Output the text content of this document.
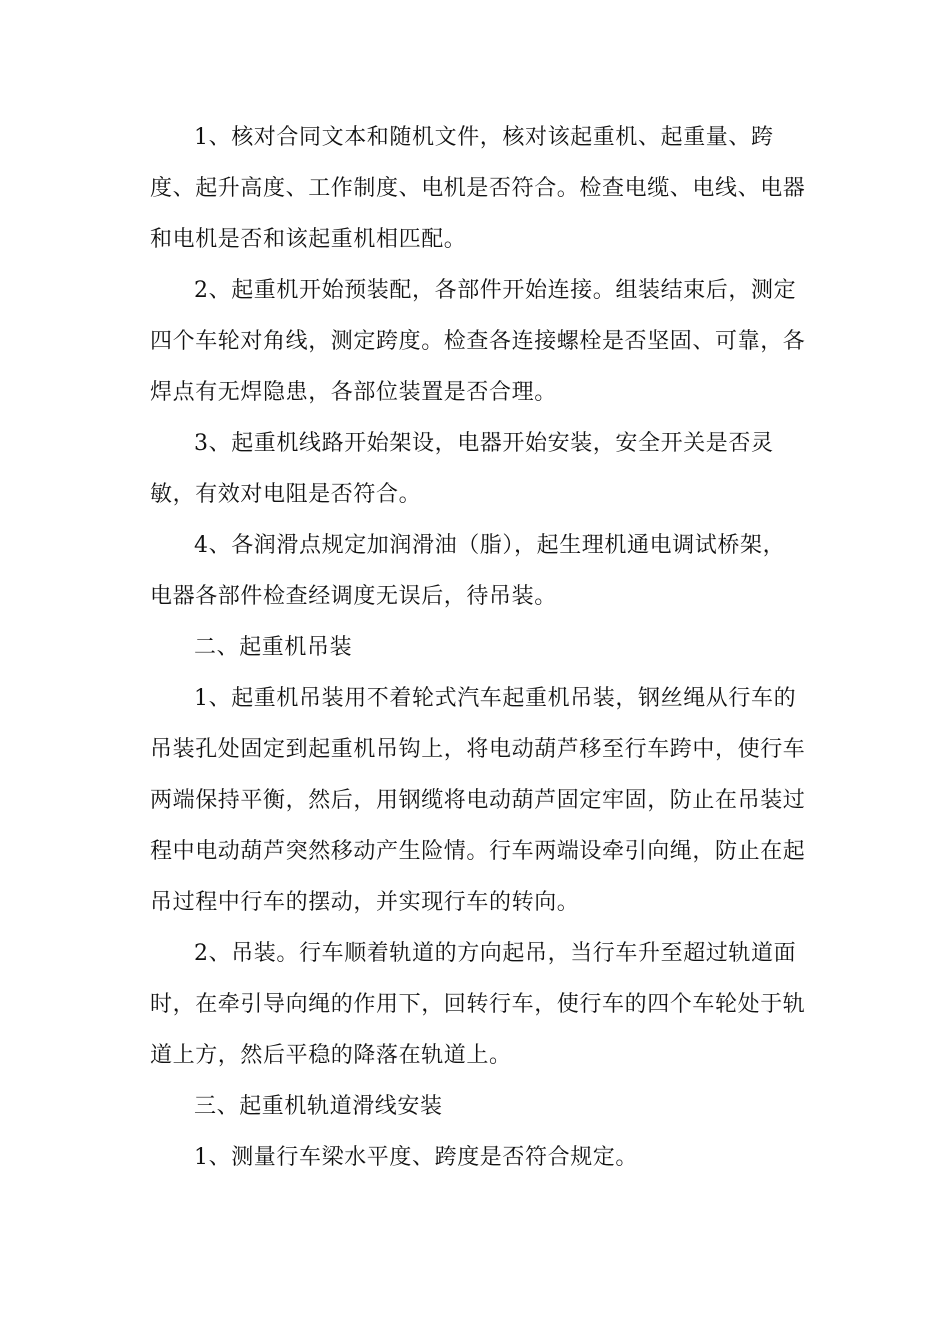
1、核对合同文本和随机文件，核对该起重机、起重量、跨
度、起升高度、工作制度、电机是否符合。检查电缆、电线、电器
和电机是否和该起重机相匹配。
2、起重机开始预装配，各部件开始连接。组装结束后，测定
四个车轮对角线，测定跨度。检查各连接螺栓是否坚固、可靠，各
焊点有无焊隐患，各部位装置是否合理。
3、起重机线路开始架设，电器开始安装，安全开关是否灵
敏，有效对电阻是否符合。
4、各润滑点规定加润滑油（脂），起生理机通电调试桥架，
电器各部件检查经调度无误后，待吊装。
二、起重机吊装
1、起重机吊装用不着轮式汽车起重机吊装，钢丝绳从行车的
吊装孔处固定到起重机吊钩上，将电动葫芦移至行车跨中，使行车
两端保持平衡，然后，用钢缆将电动葫芦固定牢固，防止在吊装过
程中电动葫芦突然移动产生险情。行车两端设牵引向绳，防止在起
吊过程中行车的摆动，并实现行车的转向。
2、吊装。行车顺着轨道的方向起吊，当行车升至超过轨道面
时，在牵引导向绳的作用下，回转行车，使行车的四个车轮处于轨
道上方，然后平稳的降落在轨道上。
三、起重机轨道滑线安装
1、测量行车梁水平度、跨度是否符合规定。
